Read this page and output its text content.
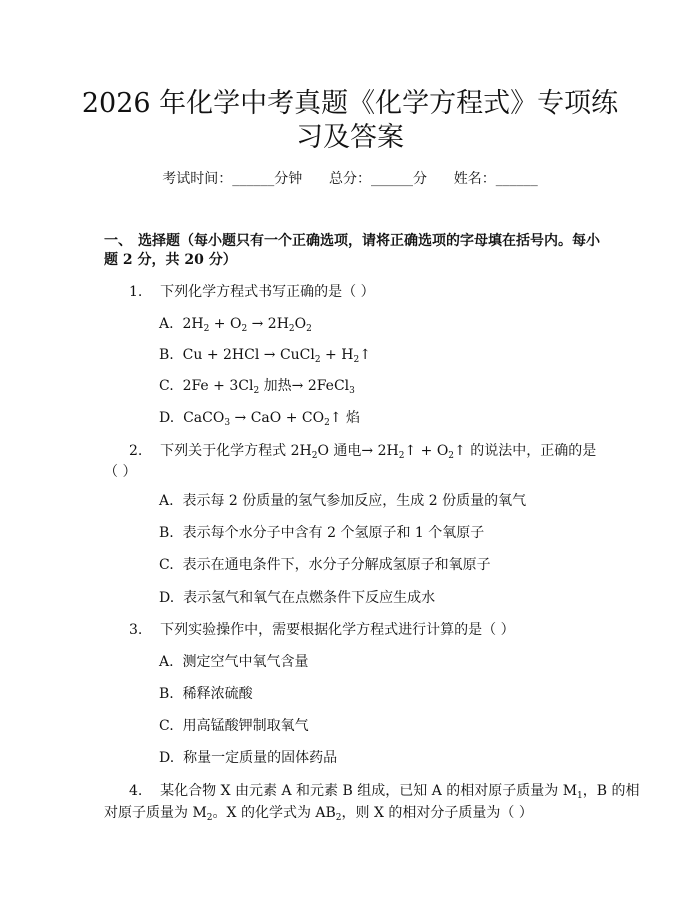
2026 年化学中考真题《化学方程式》专项练
习及答案
考试时间：______分钟 总分：______分 姓名：______
一、 选择题（每小题只有一个正确选项，请将正确选项的字母填在括号内。每小
题 2 分，共 20 分）
1. 下列化学方程式书写正确的是（ ）
A. $2H_2 + O_2 \to 2H_2O_2$
B. Cu + 2HCl → CuCl$_2$ + $H_2↑$
C. $2Fe + 3Cl_2$ 加热→ 2FeCl$_3$
D. CaCO$_3$ → CaO + $CO_2↑$ 焰
2. 下列关于化学方程式 $2H_2O$ 通电→ $2H_2↑$ + $O_2↑$ 的说法中，正确的是
（ ）
A. 表示每 2 份质量的氢气参加反应，生成 2 份质量的氧气
B. 表示每个水分子中含有 2 个氢原子和 1 个氧原子
C. 表示在通电条件下，水分子分解成氢原子和氧原子
D. 表示氢气和氧气在点燃条件下反应生成水
3. 下列实验操作中，需要根据化学方程式进行计算的是（ ）
A. 测定空气中氧气含量
B. 稀释浓硫酸
C. 用高锰酸钾制取氧气
D. 称量一定质量的固体药品
4. 某化合物 X 由元素 A 和元素 B 组成，已知 A 的相对原子质量为 $M_1$，B 的相
对原子质量为 $M_2$。X 的化学式为 $AB_2$，则 X 的相对分子质量为（ ）
